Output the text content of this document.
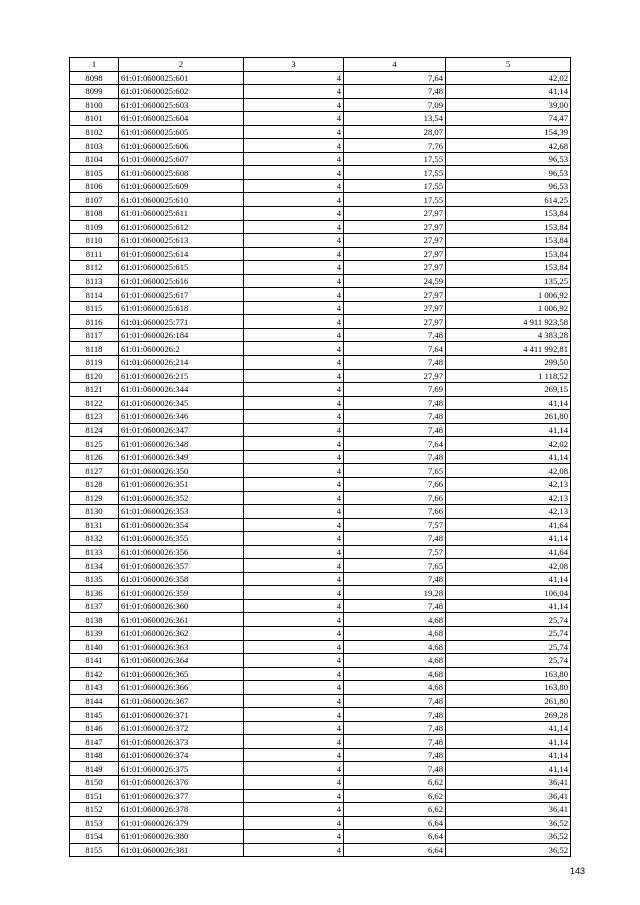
1	2	3	4	5
8098	61:01:0600025:601	4	7,64	42,02
8099	61:01:0600025:602	4	7,48	41,14
8100	61:01:0600025:603	4	7,09	39,00
8101	61:01:0600025:604	4	13,54	74,47
8102	61:01:0600025:605	4	28,07	154,39
8103	61:01:0600025:606	4	7,76	42,68
8104	61:01:0600025:607	4	17,55	96,53
8105	61:01:0600025:608	4	17,55	96,53
8106	61:01:0600025:609	4	17,55	96,53
8107	61:01:0600025:610	4	17,55	614,25
8108	61:01:0600025:611	4	27,97	153,84
8109	61:01:0600025:612	4	27,97	153,84
8110	61:01:0600025:613	4	27,97	153,84
8111	61:01:0600025:614	4	27,97	153,84
8112	61:01:0600025:615	4	27,97	153,84
8113	61:01:0600025:616	4	24,59	135,25
8114	61:01:0600025:617	4	27,97	1 006,92
8115	61:01:0600025:618	4	27,97	1 006,92
8116	61:01:0600025:771	4	27,97	4 911 923,58
8117	61:01:0600026:184	4	7,48	4 383,28
8118	61:01:0600026:2	4	7,64	4 411 992,81
8119	61:01:0600026:214	4	7,48	299,50
8120	61:01:0600026:215	4	27,97	1 118,52
8121	61:01:0600026:344	4	7,69	269,15
8122	61:01:0600026:345	4	7,48	41,14
8123	61:01:0600026:346	4	7,48	261,80
8124	61:01:0600026:347	4	7,48	41,14
8125	61:01:0600026:348	4	7,64	42,02
8126	61:01:0600026:349	4	7,48	41,14
8127	61:01:0600026:350	4	7,65	42,08
8128	61:01:0600026:351	4	7,66	42,13
8129	61:01:0600026:352	4	7,66	42,13
8130	61:01:0600026:353	4	7,66	42,13
8131	61:01:0600026:354	4	7,57	41,64
8132	61:01:0600026:355	4	7,48	41,14
8133	61:01:0600026:356	4	7,57	41,64
8134	61:01:0600026:357	4	7,65	42,08
8135	61:01:0600026:358	4	7,48	41,14
8136	61:01:0600026:359	4	19,28	106,04
8137	61:01:0600026:360	4	7,48	41,14
8138	61:01:0600026:361	4	4,68	25,74
8139	61:01:0600026:362	4	4,68	25,74
8140	61:01:0600026:363	4	4,68	25,74
8141	61:01:0600026:364	4	4,68	25,74
8142	61:01:0600026:365	4	4,68	163,80
8143	61:01:0600026:366	4	4,68	163,80
8144	61:01:0600026:367	4	7,48	261,80
8145	61:01:0600026:371	4	7,48	269,28
8146	61:01:0600026:372	4	7,48	41,14
8147	61:01:0600026:373	4	7,48	41,14
8148	61:01:0600026:374	4	7,48	41,14
8149	61:01:0600026:375	4	7,48	41,14
8150	61:01:0600026:376	4	6,62	36,41
8151	61:01:0600026:377	4	6,62	36,41
8152	61:01:0600026:378	4	6,62	36,41
8153	61:01:0600026:379	4	6,64	36,52
8154	61:01:0600026:380	4	6,64	36,52
8155	61:01:0600026:381	4	6,64	36,52
143
